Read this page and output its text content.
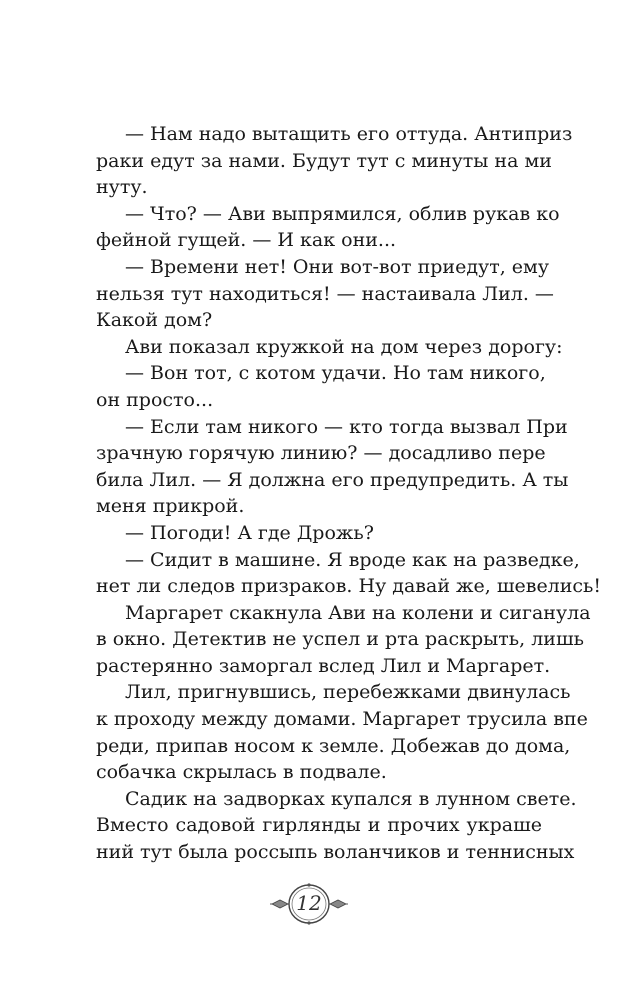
— Нам надо вытащить его оттуда. Антиприз
раки едут за нами. Будут тут с минуты на ми
нуту.
— Что? — Ави выпрямился, облив рукав ко
фейной гущей. — И как они...
— Времени нет! Они вот-вот приедут, ему
нельзя тут находиться! — настаивала Лил. —
Какой дом?
Ави показал кружкой на дом через дорогу:
— Вон тот, с котом удачи. Но там никого,
он просто...
— Если там никого — кто тогда вызвал При
зрачную горячую линию? — досадливо пере
била Лил. — Я должна его предупредить. А ты
меня прикрой.
— Погоди! А где Дрожь?
— Сидит в машине. Я вроде как на разведке,
нет ли следов призраков. Ну давай же, шевелись!
Маргарет скакнула Ави на колени и сиганула
в окно. Детектив не успел и рта раскрыть, лишь
растерянно заморгал вслед Лил и Маргарет.
Лил, пригнувшись, перебежками двинулась
к проходу между домами. Маргарет трусила впе
реди, припав носом к земле. Добежав до дома,
собачка скрылась в подвале.
Садик на задворках купался в лунном свете.
Вместо садовой гирлянды и прочих украше
ний тут была россыпь воланчиков и теннисных
12
